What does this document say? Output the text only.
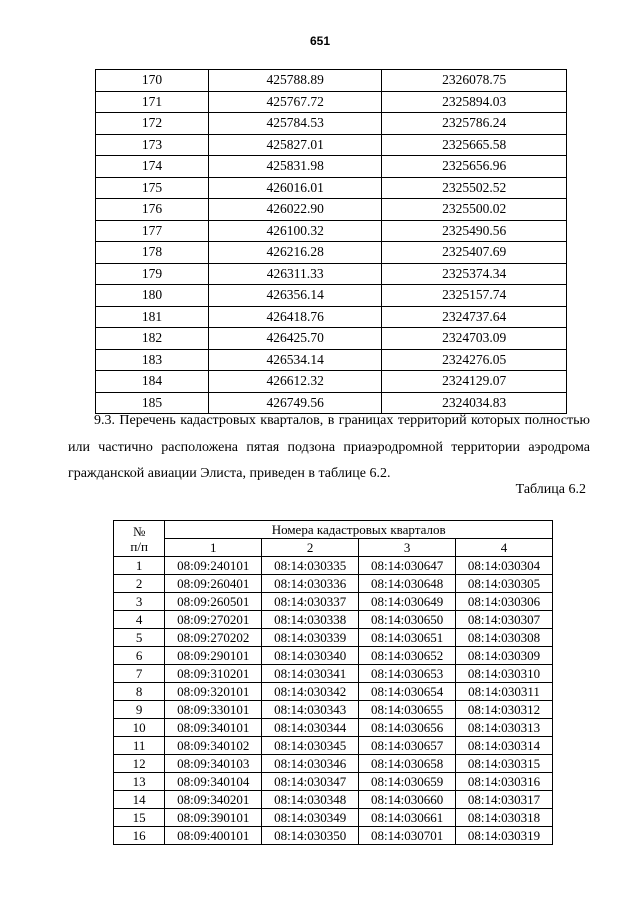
651
170	425788.89	2326078.75
171	425767.72	2325894.03
172	425784.53	2325786.24
173	425827.01	2325665.58
174	425831.98	2325656.96
175	426016.01	2325502.52
176	426022.90	2325500.02
177	426100.32	2325490.56
178	426216.28	2325407.69
179	426311.33	2325374.34
180	426356.14	2325157.74
181	426418.76	2324737.64
182	426425.70	2324703.09
183	426534.14	2324276.05
184	426612.32	2324129.07
185	426749.56	2324034.83
9.3. Перечень кадастровых кварталов, в границах территорий которых полностью или частично расположена пятая подзона приаэродромной территории аэродрома гражданской авиации Элиста, приведен в таблице 6.2.
Таблица 6.2
№
п/п	Номера кадастровых кварталов			
	1	2	3	4
1	08:09:240101	08:14:030335	08:14:030647	08:14:030304
2	08:09:260401	08:14:030336	08:14:030648	08:14:030305
3	08:09:260501	08:14:030337	08:14:030649	08:14:030306
4	08:09:270201	08:14:030338	08:14:030650	08:14:030307
5	08:09:270202	08:14:030339	08:14:030651	08:14:030308
6	08:09:290101	08:14:030340	08:14:030652	08:14:030309
7	08:09:310201	08:14:030341	08:14:030653	08:14:030310
8	08:09:320101	08:14:030342	08:14:030654	08:14:030311
9	08:09:330101	08:14:030343	08:14:030655	08:14:030312
10	08:09:340101	08:14:030344	08:14:030656	08:14:030313
11	08:09:340102	08:14:030345	08:14:030657	08:14:030314
12	08:09:340103	08:14:030346	08:14:030658	08:14:030315
13	08:09:340104	08:14:030347	08:14:030659	08:14:030316
14	08:09:340201	08:14:030348	08:14:030660	08:14:030317
15	08:09:390101	08:14:030349	08:14:030661	08:14:030318
16	08:09:400101	08:14:030350	08:14:030701	08:14:030319
